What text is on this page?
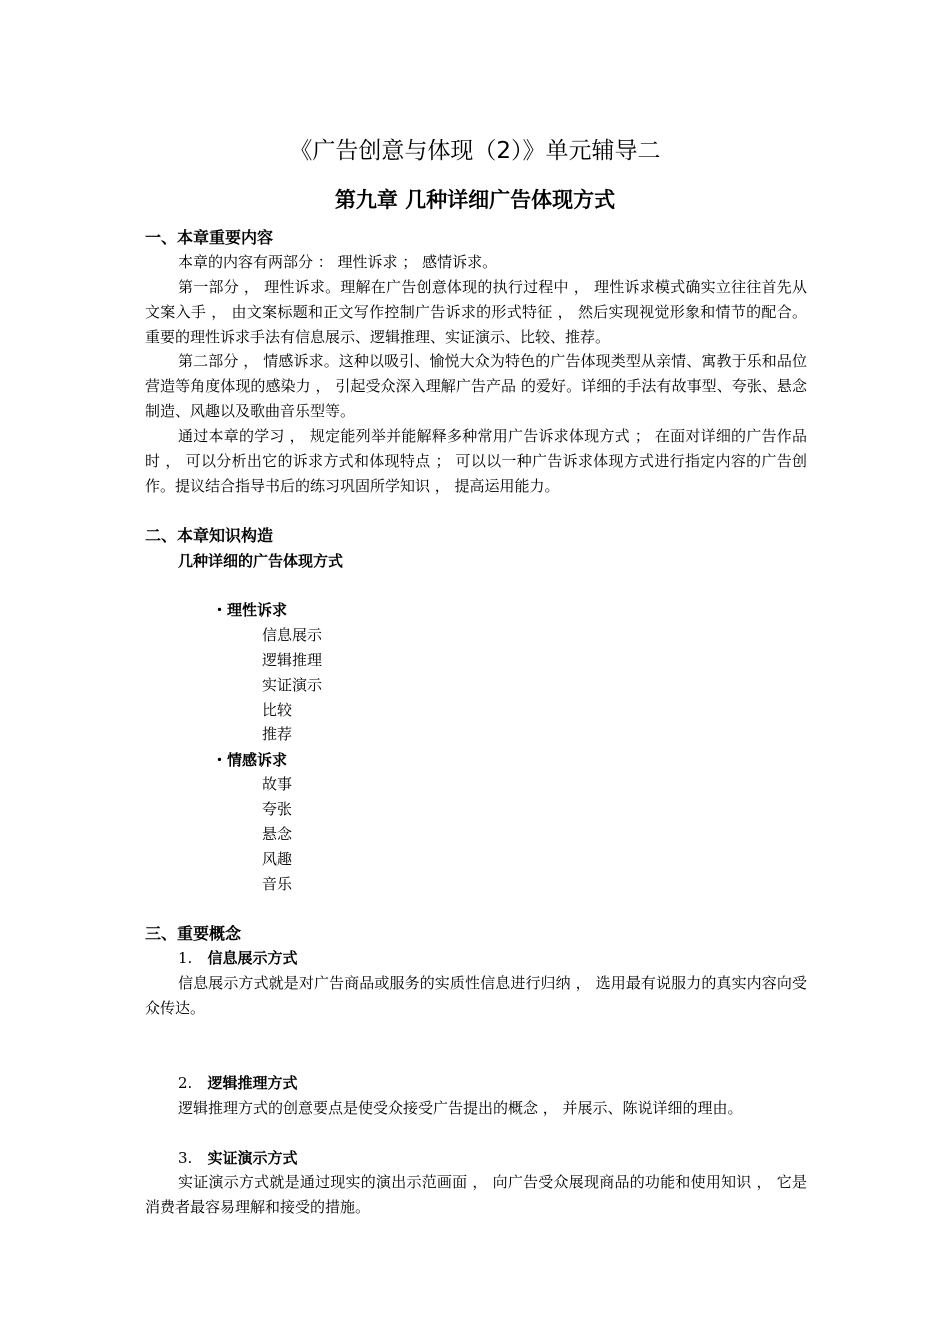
《广告创意与体现（2）》单元辅导二
第九章 几种详细广告体现方式
一、本章重要内容
本章的内容有两部分 ： 理性诉求 ； 感情诉求。
第一部分 ， 理性诉求。理解在广告创意体现的执行过程中 ， 理性诉求模式确实立往往首先从文案入手 ， 由文案标题和正文写作控制广告诉求的形式特征 ， 然后实现视觉形象和情节的配合。重要的理性诉求手法有信息展示、逻辑推理、实证演示、比较、推荐。
第二部分 ， 情感诉求。这种以吸引、愉悦大众为特色的广告体现类型从亲情、寓教于乐和品位营造等角度体现的感染力 ， 引起受众深入理解广告产品 的爱好。详细的手法有故事型、夸张、悬念制造、风趣以及歌曲音乐型等。
通过本章的学习 ， 规定能列举并能解释多种常用广告诉求体现方式 ； 在面对详细的广告作品时 ， 可以分析出它的诉求方式和体现特点 ； 可以以一种广告诉求体现方式进行指定内容的广告创作。提议结合指导书后的练习巩固所学知识 ， 提高运用能力。
二、本章知识构造
几种详细的广告体现方式
・理性诉求
信息展示
逻辑推理
实证演示
比较
推荐
・情感诉求
故事
夸张
悬念
风趣
音乐
三、重要概念
1. 信息展示方式
信息展示方式就是对广告商品或服务的实质性信息进行归纳 ， 选用最有说服力的真实内容向受众传达。
2. 逻辑推理方式
逻辑推理方式的创意要点是使受众接受广告提出的概念 ， 并展示、陈说详细的理由。
3. 实证演示方式
实证演示方式就是通过现实的演出示范画面 ， 向广告受众展现商品的功能和使用知识 ， 它是消费者最容易理解和接受的措施。
